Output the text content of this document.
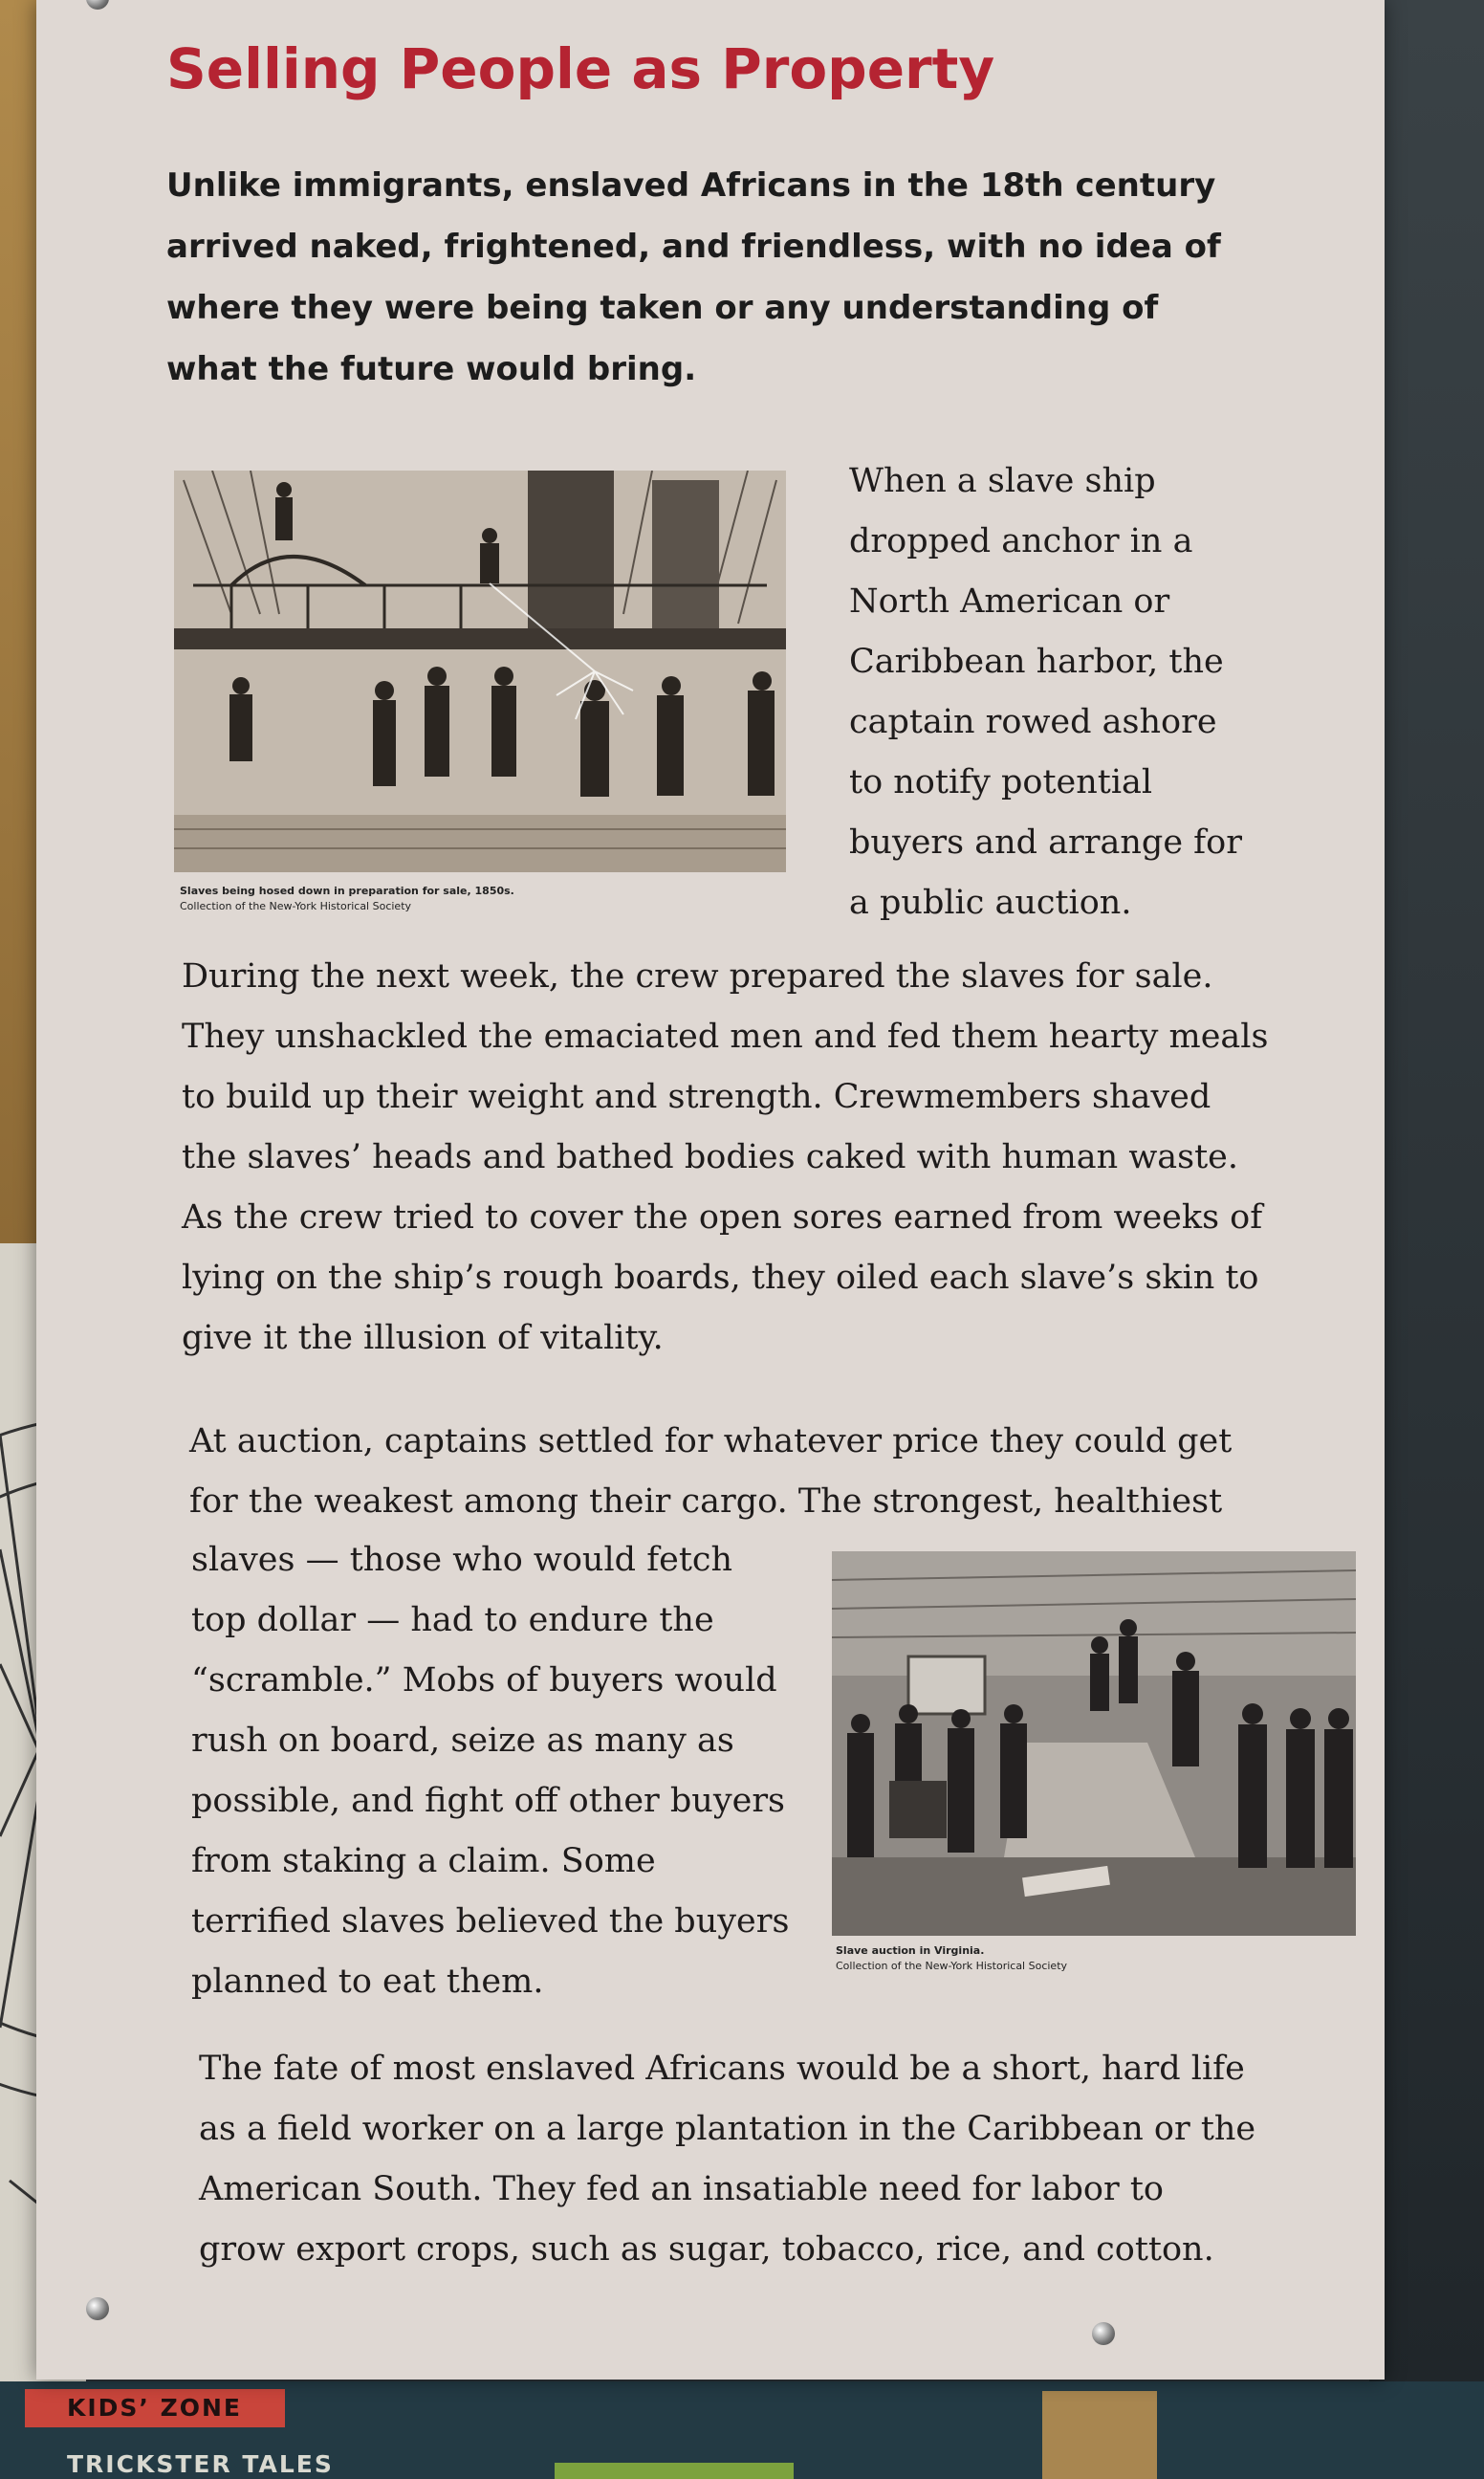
KIDS’ ZONE
TRICKSTER TALES
Selling People as Property

Unlike immigrants, enslaved Africans in the 18th century arrived naked, frightened, and friendless, with no idea of where they were being taken or any understanding of what the future would bring.

Slaves being hosed down in preparation for sale, 1850s.
Collection of the New-York Historical Society

When a slave ship dropped anchor in a North American or Caribbean harbor, the captain rowed ashore to notify potential buyers and arrange for a public auction.

During the next week, the crew prepared the slaves for sale. They unshackled the emaciated men and fed them hearty meals to build up their weight and strength. Crewmembers shaved the slaves’ heads and bathed bodies caked with human waste. As the crew tried to cover the open sores earned from weeks of lying on the ship’s rough boards, they oiled each slave’s skin to give it the illusion of vitality.

At auction, captains settled for whatever price they could get for the weakest among their cargo. The strongest, healthiest

slaves — those who would fetch top dollar — had to endure the “scramble.” Mobs of buyers would rush on board, seize as many as possible, and fight off other buyers from staking a claim. Some terrified slaves believed the buyers planned to eat them.

Slave auction in Virginia.
Collection of the New-York Historical Society

The fate of most enslaved Africans would be a short, hard life as a field worker on a large plantation in the Caribbean or the American South. They fed an insatiable need for labor to grow export crops, such as sugar, tobacco, rice, and cotton.
